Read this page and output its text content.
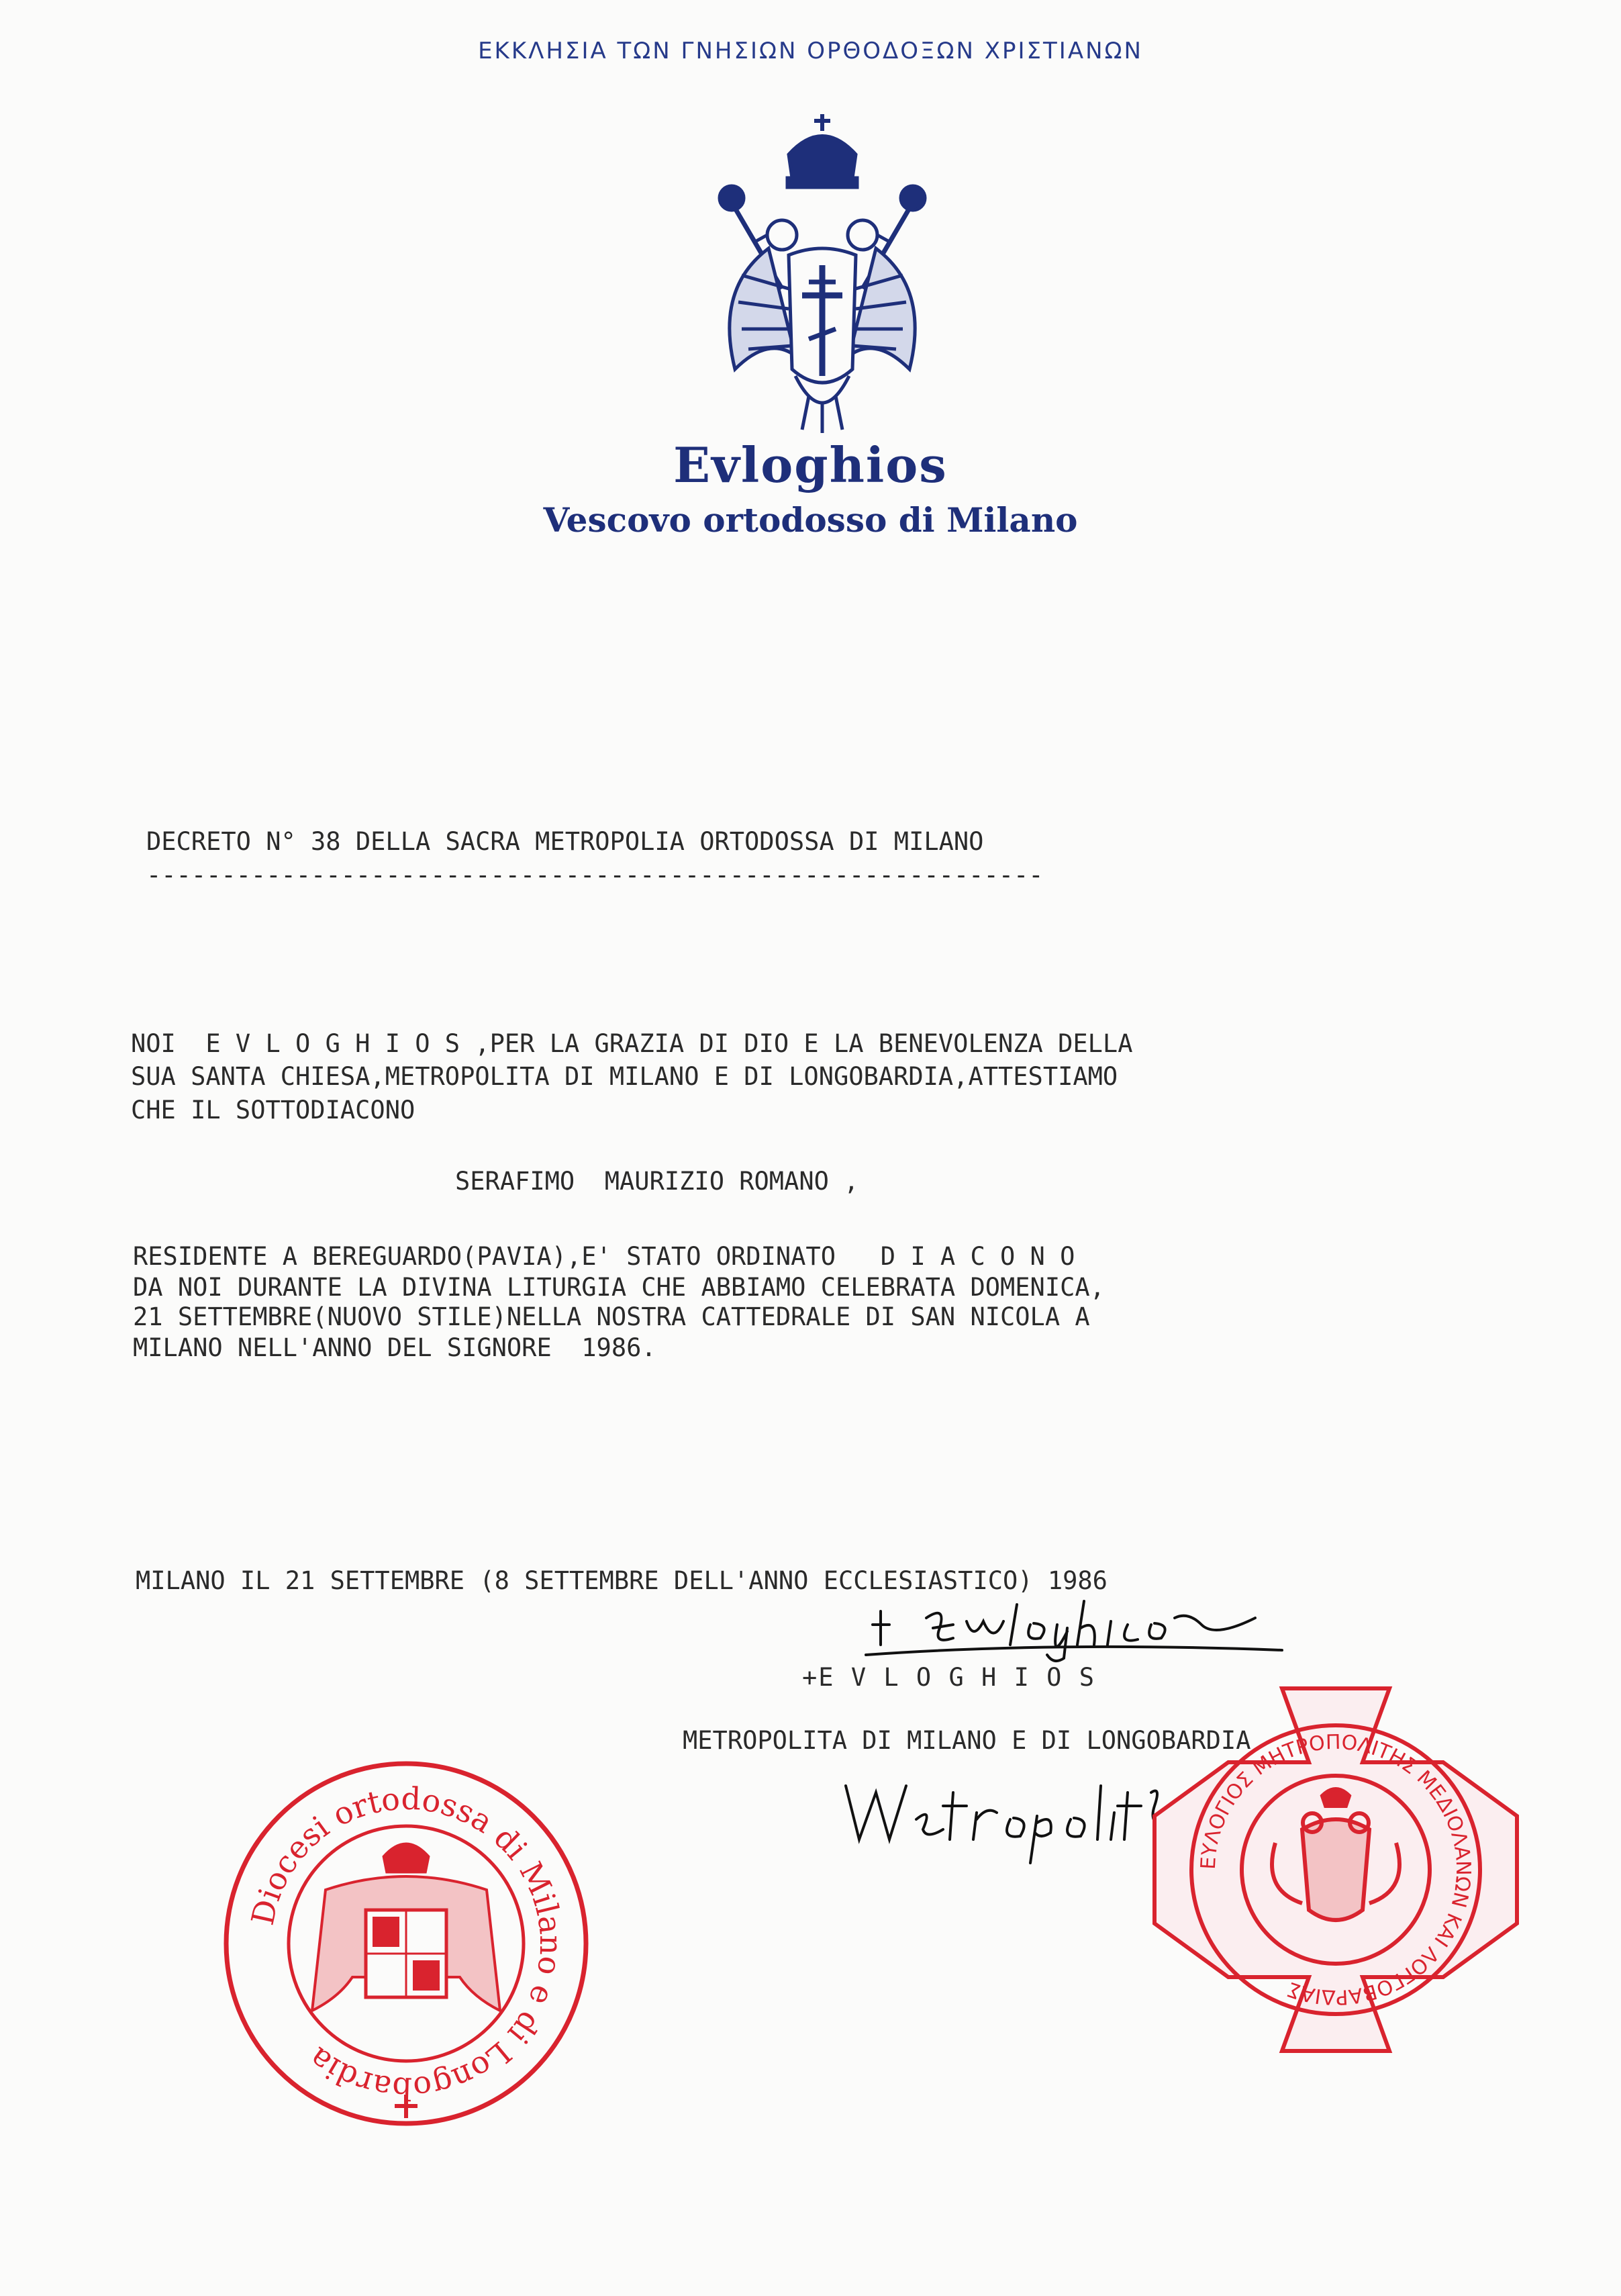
ΕΚΚΛΗΣΙΑ ΤΩΝ ΓΝΗΣΙΩΝ ΟΡΘΟΔΟΞΩΝ ΧΡΙΣΤΙΑΝΩΝ
Evloghios
Vescovo ortodosso di Milano
DECRETO N° 38 DELLA SACRA METROPOLIA ORTODOSSA DI MILANO
------------------------------------------------------------
NOI  E V L O G H I O S ,PER LA GRAZIA DI DIO E LA BENEVOLENZA DELLA
SUA SANTA CHIESA,METROPOLITA DI MILANO E DI LONGOBARDIA,ATTESTIAMO
CHE IL SOTTODIACONO
SERAFIMO  MAURIZIO ROMANO ,
RESIDENTE A BEREGUARDO(PAVIA),E' STATO ORDINATO   D I A C O N O
DA NOI DURANTE LA DIVINA LITURGIA CHE ABBIAMO CELEBRATA DOMENICA,
21 SETTEMBRE(NUOVO STILE)NELLA NOSTRA CATTEDRALE DI SAN NICOLA A
MILANO NELL'ANNO DEL SIGNORE  1986.
MILANO IL 21 SETTEMBRE (8 SETTEMBRE DELL'ANNO ECCLESIASTICO) 1986
+E V L O G H I O S
METROPOLITA DI MILANO E DI LONGOBARDIA
Diocesi ortodossa di Milano e di Longobardia
ΕΥΛΟΓΙΟΣ ΜΗΤΡΟΠΟΛΙΤΗΣ ΜΕΔΙΟΛΑΝΩΝ ΚΑΙ ΛΟΓΓΟΒΑΡΔΙΑΣ
